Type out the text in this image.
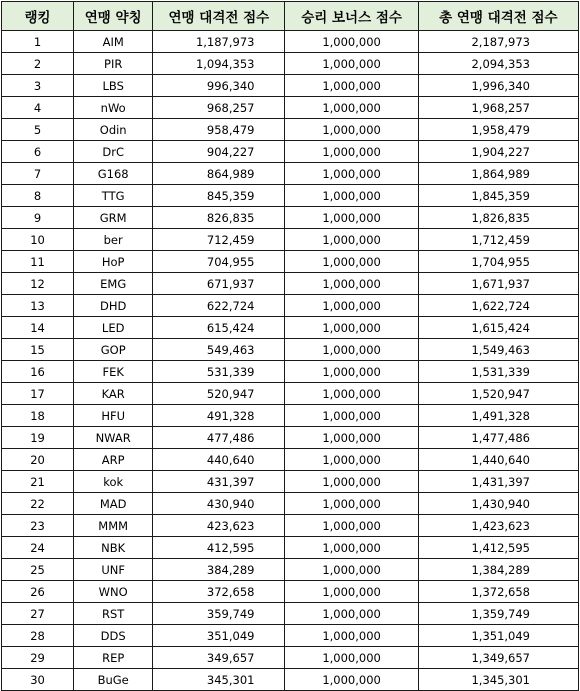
랭킹	연맹 약칭	연맹 대격전 점수	승리 보너스 점수	총 연맹 대격전 점수
1	AIM	1,187,973	1,000,000	2,187,973
2	PIR	1,094,353	1,000,000	2,094,353
3	LBS	996,340	1,000,000	1,996,340
4	nWo	968,257	1,000,000	1,968,257
5	Odin	958,479	1,000,000	1,958,479
6	DrC	904,227	1,000,000	1,904,227
7	G168	864,989	1,000,000	1,864,989
8	TTG	845,359	1,000,000	1,845,359
9	GRM	826,835	1,000,000	1,826,835
10	ber	712,459	1,000,000	1,712,459
11	HoP	704,955	1,000,000	1,704,955
12	EMG	671,937	1,000,000	1,671,937
13	DHD	622,724	1,000,000	1,622,724
14	LED	615,424	1,000,000	1,615,424
15	GOP	549,463	1,000,000	1,549,463
16	FEK	531,339	1,000,000	1,531,339
17	KAR	520,947	1,000,000	1,520,947
18	HFU	491,328	1,000,000	1,491,328
19	NWAR	477,486	1,000,000	1,477,486
20	ARP	440,640	1,000,000	1,440,640
21	kok	431,397	1,000,000	1,431,397
22	MAD	430,940	1,000,000	1,430,940
23	MMM	423,623	1,000,000	1,423,623
24	NBK	412,595	1,000,000	1,412,595
25	UNF	384,289	1,000,000	1,384,289
26	WNO	372,658	1,000,000	1,372,658
27	RST	359,749	1,000,000	1,359,749
28	DDS	351,049	1,000,000	1,351,049
29	REP	349,657	1,000,000	1,349,657
30	BuGe	345,301	1,000,000	1,345,301
